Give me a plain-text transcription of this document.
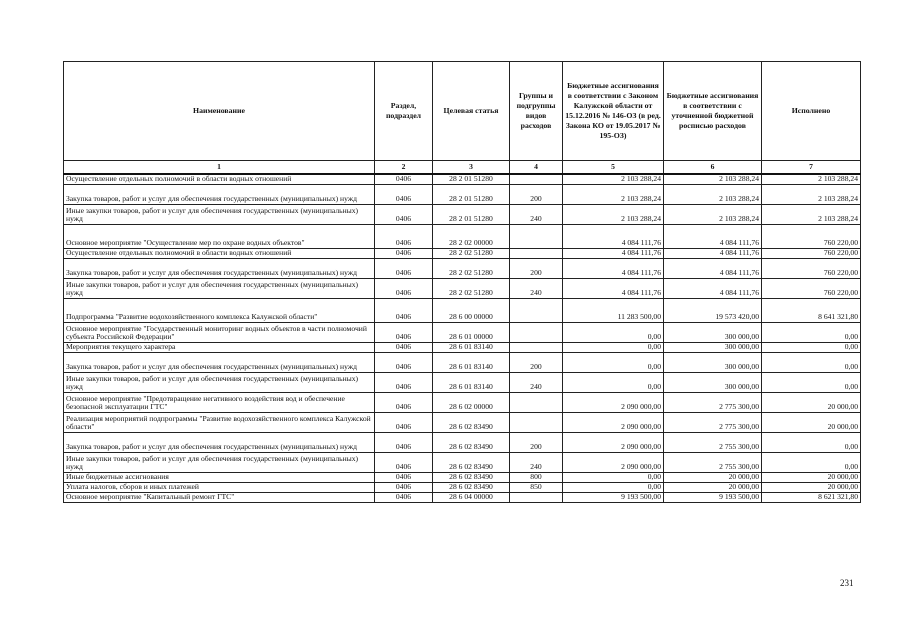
Наименование	Раздел, подраздел	Целевая статья	Группы и подгруппы видов расходов	Бюджетные ассигнования в соответствии с Законом Калужской области от 15.12.2016 № 146-ОЗ (в ред. Закона КО от 19.05.2017 № 195-ОЗ)	Бюджетные ассигнования в соответствии с уточненной бюджетной росписью расходов	Исполнено
1	2	3	4	5	6	7
Осуществление отдельных полномочий в области водных отношений	0406	28 2 01 51280		2 103 288,24	2 103 288,24	2 103 288,24
Закупка товаров, работ и услуг для обеспечения государственных (муниципальных) нужд	0406	28 2 01 51280	200	2 103 288,24	2 103 288,24	2 103 288,24
Иные закупки товаров, работ и услуг для обеспечения государственных (муниципальных) нужд	0406	28 2 01 51280	240	2 103 288,24	2 103 288,24	2 103 288,24
Основное мероприятие "Осуществление мер по охране водных объектов"	0406	28 2 02 00000		4 084 111,76	4 084 111,76	760 220,00
Осуществление отдельных полномочий в области водных отношений	0406	28 2 02 51280		4 084 111,76	4 084 111,76	760 220,00
Закупка товаров, работ и услуг для обеспечения государственных (муниципальных) нужд	0406	28 2 02 51280	200	4 084 111,76	4 084 111,76	760 220,00
Иные закупки товаров, работ и услуг для обеспечения государственных (муниципальных) нужд	0406	28 2 02 51280	240	4 084 111,76	4 084 111,76	760 220,00
Подпрограмма "Развитие водохозяйственного комплекса Калужской области"	0406	28 6 00 00000		11 283 500,00	19 573 420,00	8 641 321,80
Основное мероприятие "Государственный мониторинг водных объектов в части полномочий субъекта Российской Федерации"	0406	28 6 01 00000		0,00	300 000,00	0,00
Мероприятия текущего характера	0406	28 6 01 83140		0,00	300 000,00	0,00
Закупка товаров, работ и услуг для обеспечения государственных (муниципальных) нужд	0406	28 6 01 83140	200	0,00	300 000,00	0,00
Иные закупки товаров, работ и услуг для обеспечения государственных (муниципальных) нужд	0406	28 6 01 83140	240	0,00	300 000,00	0,00
Основное мероприятие "Предотвращение негативного воздействия вод и обеспечение безопасной эксплуатации ГТС"	0406	28 6 02 00000		2 090 000,00	2 775 300,00	20 000,00
Реализация мероприятий подпрограммы "Развитие водохозяйственного комплекса Калужской области"	0406	28 6 02 83490		2 090 000,00	2 775 300,00	20 000,00
Закупка товаров, работ и услуг для обеспечения государственных (муниципальных) нужд	0406	28 6 02 83490	200	2 090 000,00	2 755 300,00	0,00
Иные закупки товаров, работ и услуг для обеспечения государственных (муниципальных) нужд	0406	28 6 02 83490	240	2 090 000,00	2 755 300,00	0,00
Иные бюджетные ассигнования	0406	28 6 02 83490	800	0,00	20 000,00	20 000,00
Уплата налогов, сборов и иных платежей	0406	28 6 02 83490	850	0,00	20 000,00	20 000,00
Основное мероприятие "Капитальный ремонт ГТС"	0406	28 6 04 00000		9 193 500,00	9 193 500,00	8 621 321,80
231
